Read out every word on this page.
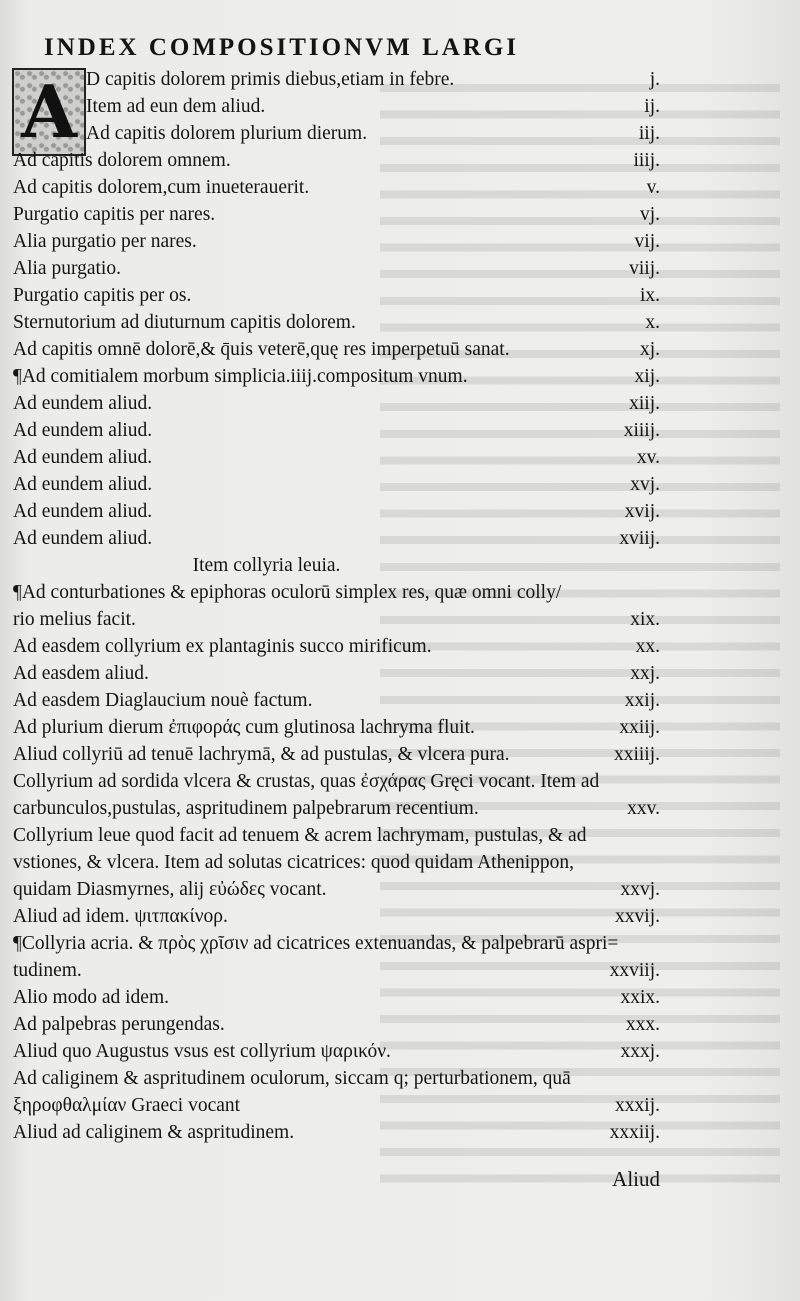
INDEX COMPOSITIONVM LARGI
A D capitis dolorem primis diebus,etiam in febre.	j.
Item ad eun dem aliud.	ij.
Ad capitis dolorem plurium dierum.	iij.
Ad capitis dolorem omnem.	iiij.
Ad capitis dolorem,cum inueterauerit.	v.
Purgatio capitis per nares.	vj.
Alia purgatio per nares.	vij.
Alia purgatio.	viij.
Purgatio capitis per os.	ix.
Sternutorium ad diuturnum capitis dolorem.	x.
Ad capitis omnē dolorē,& q̄uis veterē,quę res imperpetuū sanat.	xj.
¶Ad comitialem morbum simplicia.iiij.compositum vnum.	xij.
Ad eundem aliud.	xiij.
Ad eundem aliud.	xiiij.
Ad eundem aliud.	xv.
Ad eundem aliud.	xvj.
Ad eundem aliud.	xvij.
Ad eundem aliud.	xviij.
Item collyria leuia.
¶Ad conturbationes & epiphoras oculorū simplex res, quæ omni colly/
rio melius facit.	xix.
Ad easdem collyrium ex plantaginis succo mirificum.	xx.
Ad easdem aliud.	xxj.
Ad easdem Diaglaucium nouè factum.	xxij.
Ad plurium dierum ἐπιφοράς cum glutinosa lachryma fluit.	xxiij.
Aliud collyriū ad tenuē lachrymā, & ad pustulas, & vlcera pura.	xxiiij.
Collyrium ad sordida vlcera & crustas, quas ἐσχάρας Gręci vocant. Item ad
carbunculos,pustulas, aspritudinem palpebrarum recentium.	xxv.
Collyrium leue quod facit ad tenuem & acrem lachrymam, pustulas, & ad
vstiones, & vlcera. Item ad solutas cicatrices: quod quidam Athenippon,
quidam Diasmyrnes, alij εὐώδες vocant.	xxvj.
Aliud ad idem. ψιτπακίνορ.	xxvij.
¶Collyria acria. & πρὸς χρῖσιν ad cicatrices extenuandas, & palpebrarū aspri=
tudinem.	xxviij.
Alio modo ad idem.	xxix.
Ad palpebras perungendas.	xxx.
Aliud quo Augustus vsus est collyrium ψαρικόν.	xxxj.
Ad caliginem & aspritudinem oculorum, siccam q; perturbationem, quā
ξηροφθαλμίαν Graeci vocant	xxxij.
Aliud ad caliginem & aspritudinem.	xxxiij.
Aliud
